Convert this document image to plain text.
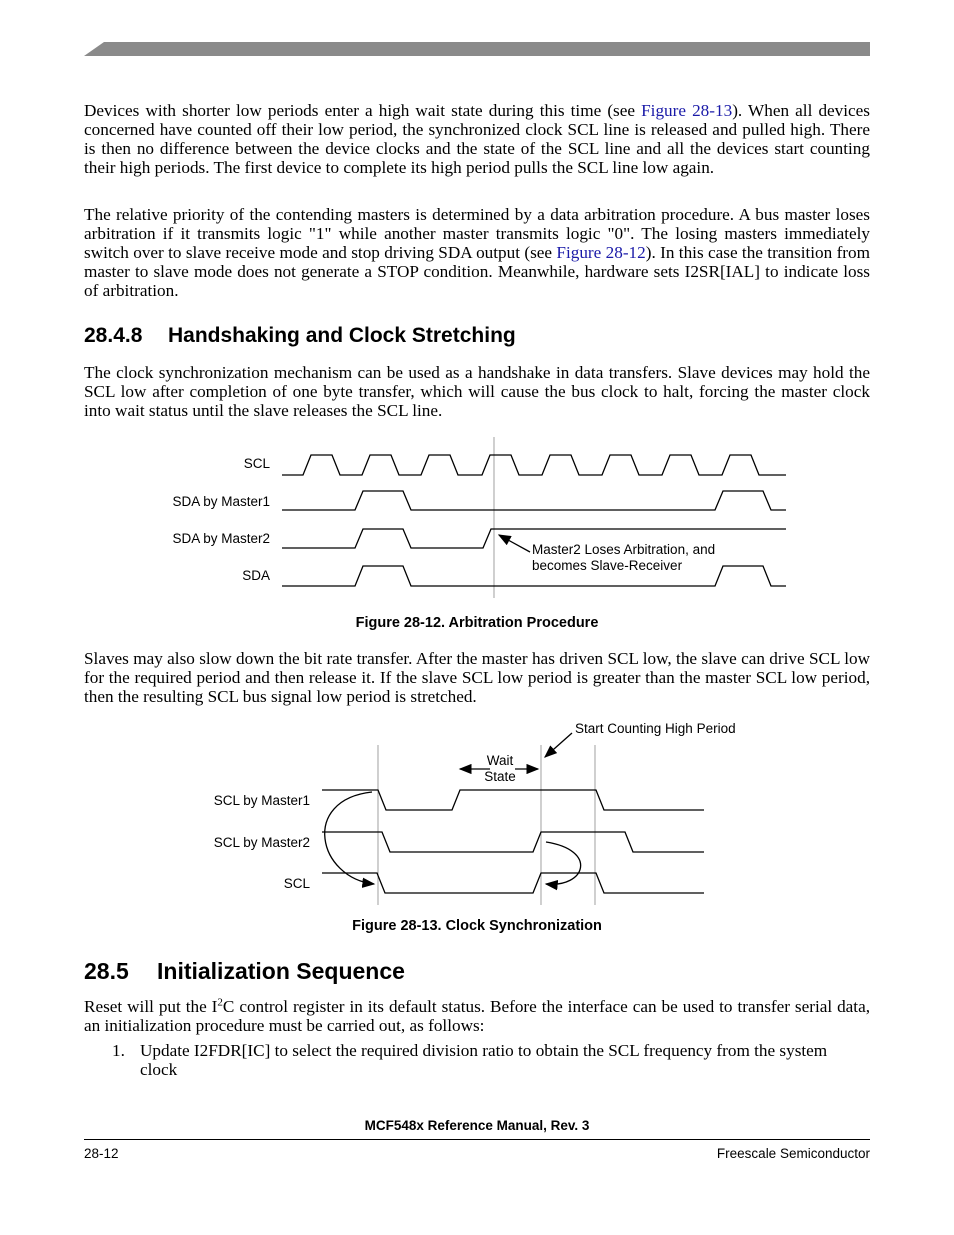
Devices with shorter low periods enter a high wait state during this time (see Figure 28-13). When all devices concerned have counted off their low period, the synchronized clock SCL line is released and pulled high. There is then no difference between the device clocks and the state of the SCL line and all the devices start counting their high periods. The first device to complete its high period pulls the SCL line low again.
The relative priority of the contending masters is determined by a data arbitration procedure. A bus master loses arbitration if it transmits logic "1" while another master transmits logic "0". The losing masters immediately switch over to slave receive mode and stop driving SDA output (see Figure 28-12). In this case the transition from master to slave mode does not generate a STOP condition. Meanwhile, hardware sets I2SR[IAL] to indicate loss of arbitration.
28.4.8 Handshaking and Clock Stretching
The clock synchronization mechanism can be used as a handshake in data transfers. Slave devices may hold the SCL low after completion of one byte transfer, which will cause the bus clock to halt, forcing the master clock into wait status until the slave releases the SCL line.
SCL
SDA by Master1
SDA by Master2
SDA
Master2 Loses Arbitration, and
becomes Slave-Receiver
Figure 28-12. Arbitration Procedure
Slaves may also slow down the bit rate transfer. After the master has driven SCL low, the slave can drive SCL low for the required period and then release it. If the slave SCL low period is greater than the master SCL low period, then the resulting SCL bus signal low period is stretched.
Start Counting High Period
Wait
State
SCL by Master1
SCL by Master2
SCL
Figure 28-13. Clock Synchronization
28.5 Initialization Sequence
Reset will put the $I^2C$ control register in its default status. Before the interface can be used to transfer serial data, an initialization procedure must be carried out, as follows:
1. Update I2FDR[IC] to select the required division ratio to obtain the SCL frequency from the system clock
MCF548x Reference Manual, Rev. 3
28-12	Freescale Semiconductor
